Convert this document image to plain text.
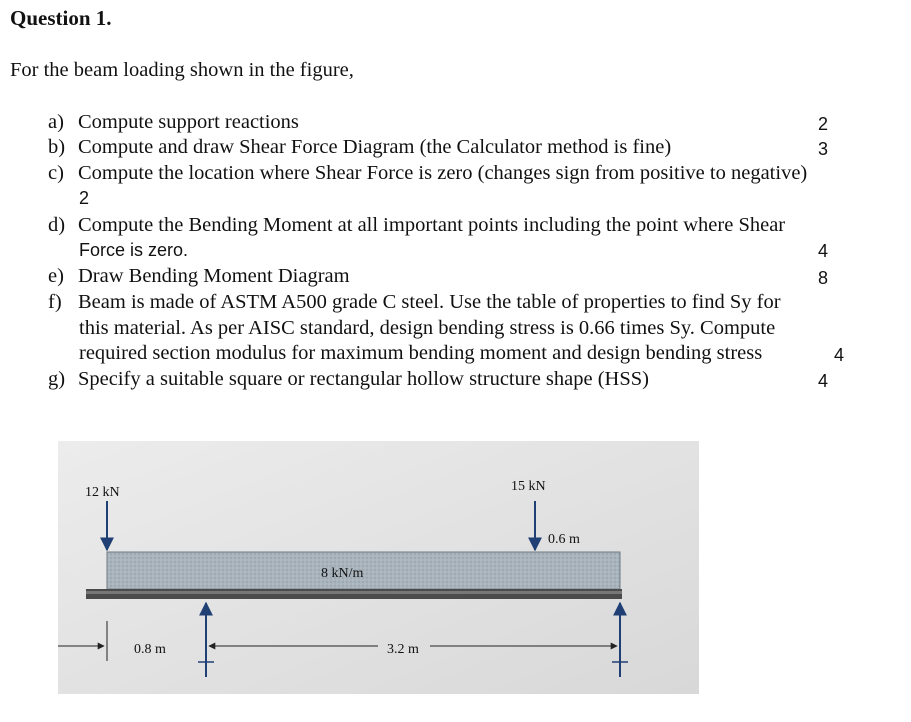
Question 1.
For the beam loading shown in the figure,
a) Compute support reactions	2
b) Compute and draw Shear Force Diagram (the Calculator method is fine)	3
c) Compute the location where Shear Force is zero (changes sign from positive to negative)
2
d) Compute the Bending Moment at all important points including the point where Shear
Force is zero.	4
e) Draw Bending Moment Diagram	8
f) Beam is made of ASTM A500 grade C steel. Use the table of properties to find Sy for
this material. As per AISC standard, design bending stress is 0.66 times Sy. Compute
required section modulus for maximum bending moment and design bending stress	4
g) Specify a suitable square or rectangular hollow structure shape (HSS)	4
12 kN	15 kN
8 kN/m
0.6 m
0.8 m	3.2 m
